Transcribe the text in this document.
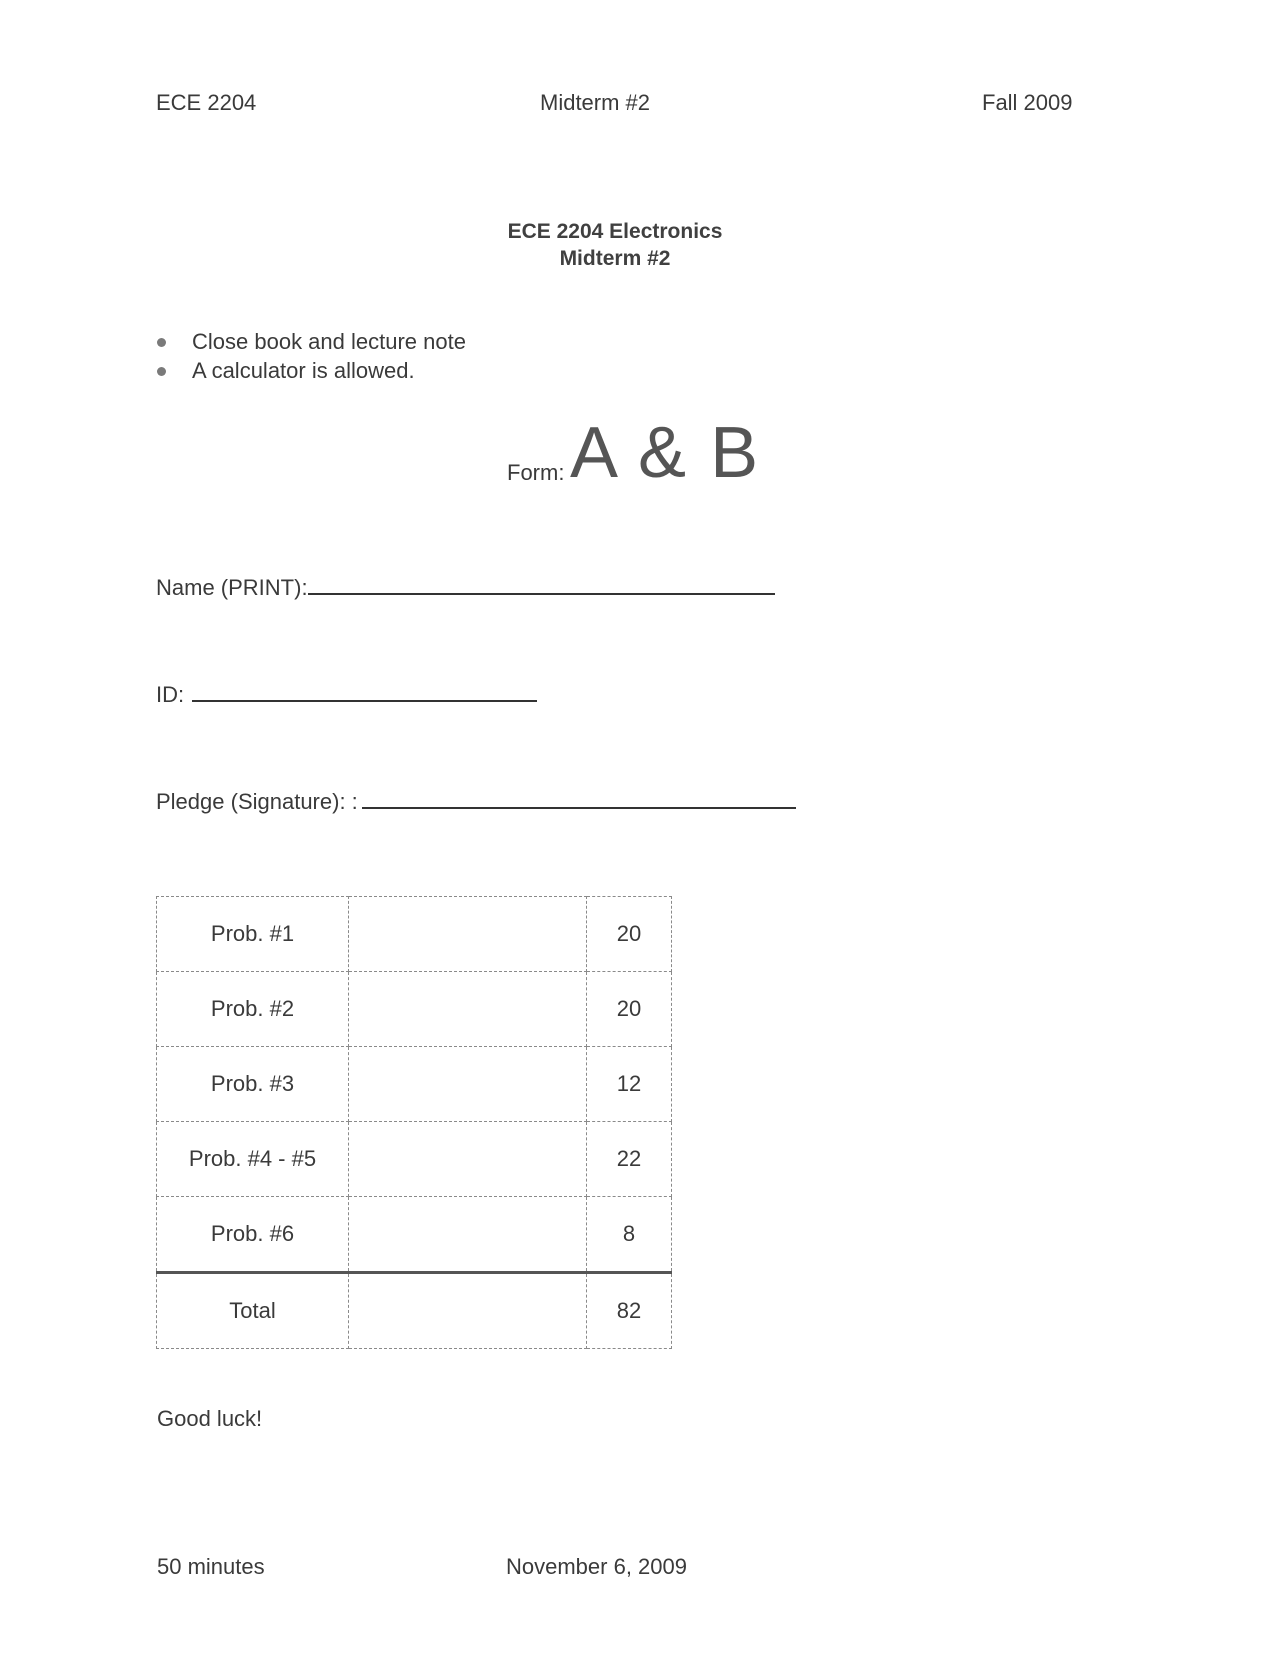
ECE 2204	Midterm #2	Fall 2009
ECE 2204 Electronics
Midterm #2
Close book and lecture note
A calculator is allowed.
Form: A & B
Name (PRINT):
ID:
Pledge (Signature): :
Prob. #1		20
Prob. #2		20
Prob. #3		12
Prob. #4 - #5		22
Prob. #6		8
Total		82
Good luck!
50 minutes	November 6, 2009
